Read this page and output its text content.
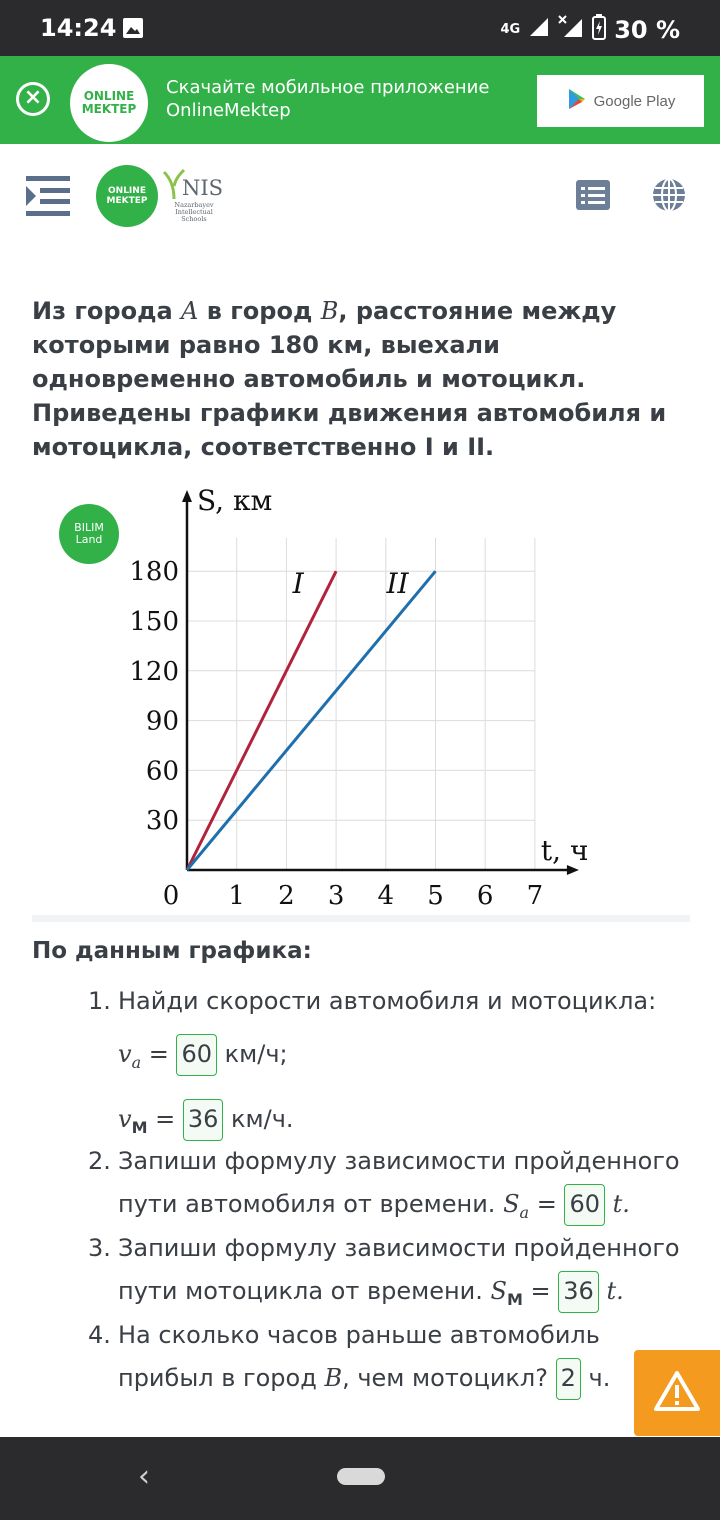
14:24	4G	30 %
×	ONLINE
MEKTEP
Скачайте мобильное приложение OnlineMektep	Google Play
ONLINE
MEKTEP
NIS
Nazarbayev Intellectual Schools
Из города A в город B, расстояние между которыми равно 180 км, выехали одновременно автомобиль и мотоцикл. Приведены графики движения автомобиля и мотоцикла, соответственно I и II.
BILIM
Land
1 2 3 4 5 6 7
0
30
60
90
120
150
180
S, км
t, ч
I	II
По данным графика:
1. Найди скорости автомобиля и мотоцикла:
$v_a = 60$ км/ч;
$v_M = 36$ км/ч.
2. Запиши формулу зависимости пройденного
пути автомобиля от времени. $S_a = 60$ t.
3. Запиши формулу зависимости пройденного
пути мотоцикла от времени. $S_M = 36$ t.
4. На сколько часов раньше автомобиль
прибыл в город B, чем мотоцикл? 2 ч.
‹
